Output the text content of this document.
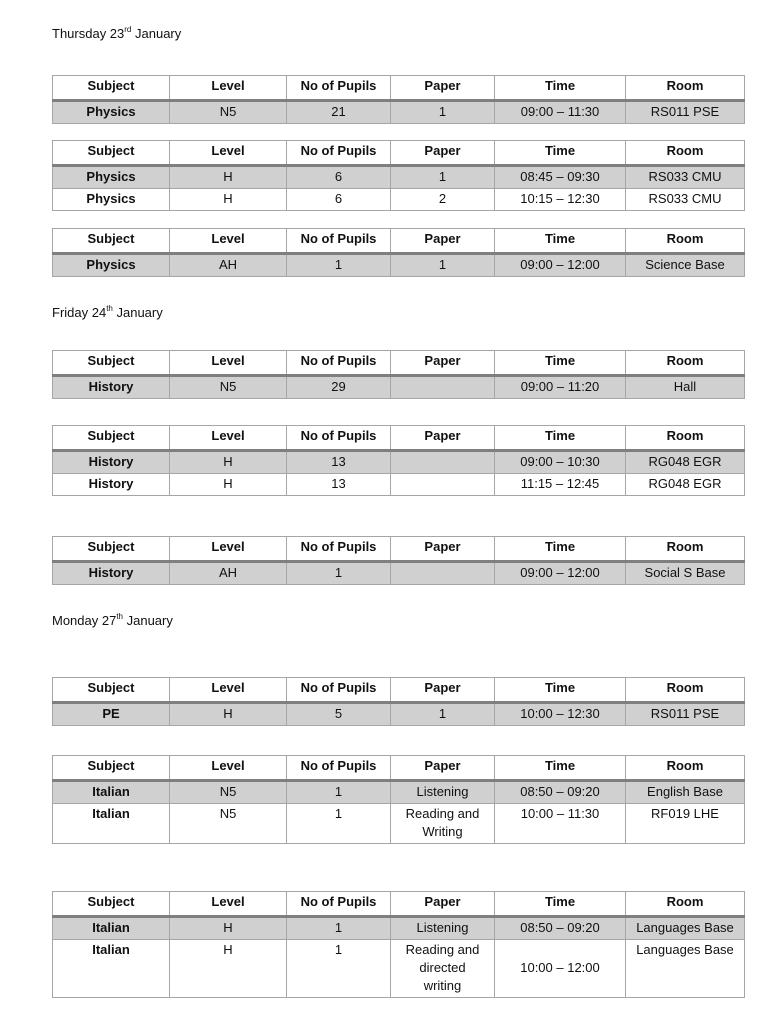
Thursday 23rd January
Subject	Level	No of Pupils	Paper	Time	Room
Physics	N5	21	1	09:00 – 11:30	RS011 PSE
Subject	Level	No of Pupils	Paper	Time	Room
Physics	H	6	1	08:45 – 09:30	RS033 CMU
Physics	H	6	2	10:15 – 12:30	RS033 CMU
Subject	Level	No of Pupils	Paper	Time	Room
Physics	AH	1	1	09:00 – 12:00	Science Base
Friday 24th January
Subject	Level	No of Pupils	Paper	Time	Room
History	N5	29		09:00 – 11:20	Hall
Subject	Level	No of Pupils	Paper	Time	Room
History	H	13		09:00 – 10:30	RG048 EGR
History	H	13		11:15 – 12:45	RG048 EGR
Subject	Level	No of Pupils	Paper	Time	Room
History	AH	1		09:00 – 12:00	Social S Base
Monday 27th January
Subject	Level	No of Pupils	Paper	Time	Room
PE	H	5	1	10:00 – 12:30	RS011 PSE
Subject	Level	No of Pupils	Paper	Time	Room
Italian	N5	1	Listening	08:50 – 09:20	English Base
Italian	N5	1	Reading and Writing	10:00 – 11:30	RF019 LHE
Subject	Level	No of Pupils	Paper	Time	Room
Italian	H	1	Listening	08:50 – 09:20	Languages Base
Italian	H	1	Reading and directed writing	10:00 – 12:00	Languages Base
